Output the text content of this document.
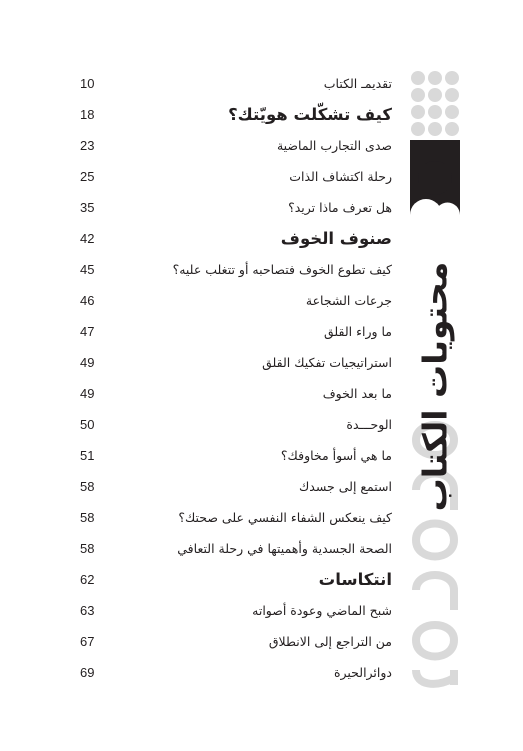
10	تقديمـ الكتاب
18	كيف تشكّلت هويّتك؟
23	صدى التجارب الماضية
25	رحلة اكتشاف الذات
35	هل تعرف ماذا تريد؟
42	صنوف الخوف
45	كيف تطوع الخوف فتصاحبه أو تتغلب عليه؟
46	جرعات الشجاعة
47	ما وراء القلق
49	استراتيجيات تفكيك القلق
49	ما بعد الخوف
50	الوحـــدة
51	ما هي أسوأ مخاوفك؟
58	استمع إلى جسدك
58	كيف ينعكس الشفاء النفسي على صحتك؟
58	الصحة الجسدية وأهميتها في رحلة التعافي
62	انتكاسات
63	شبح الماضي وعودة أصواته
67	من التراجع إلى الانطلاق
69	دوائرالحيرة
محتويات الكتاب
